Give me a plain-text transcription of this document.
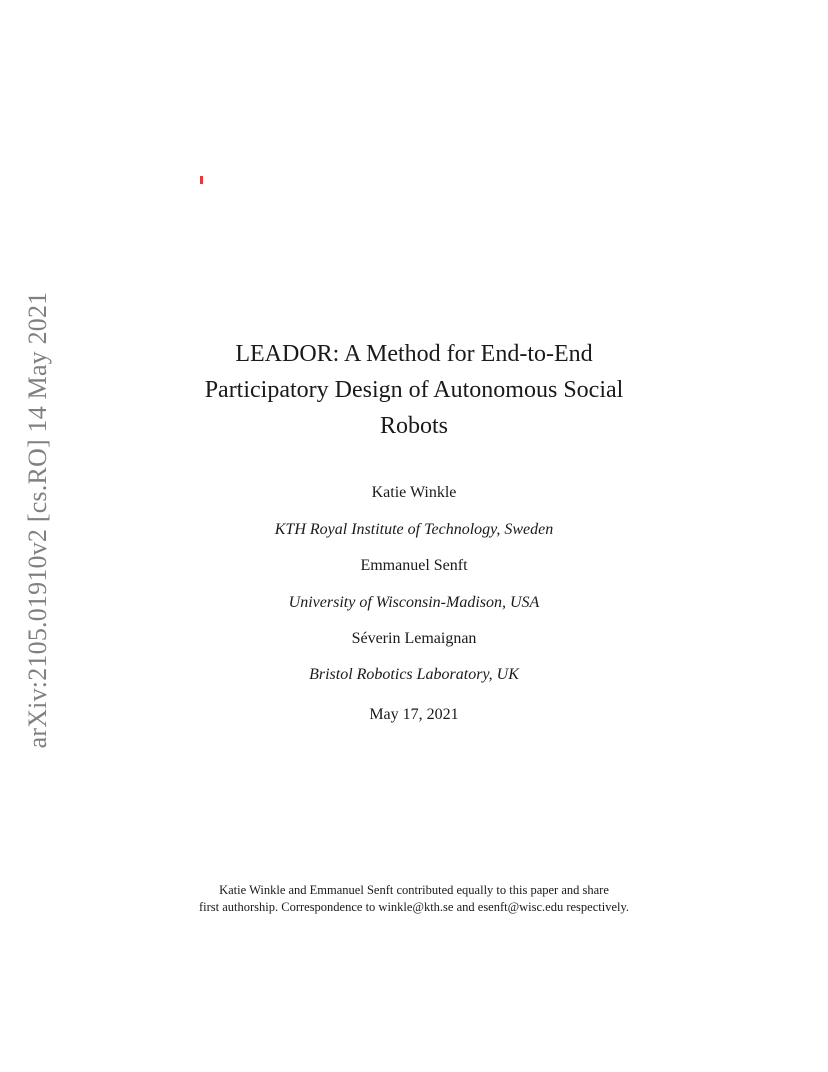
arXiv:2105.01910v2 [cs.RO] 14 May 2021	LEADOR: A Method for End-to-End Participatory Design of Autonomous Social Robots
Katie Winkle
KTH Royal Institute of Technology, Sweden
Emmanuel Senft
University of Wisconsin-Madison, USA
Séverin Lemaignan
Bristol Robotics Laboratory, UK
May 17, 2021
Katie Winkle and Emmanuel Senft contributed equally to this paper and share
first authorship. Correspondence to winkle@kth.se and esenft@wisc.edu respectively.
